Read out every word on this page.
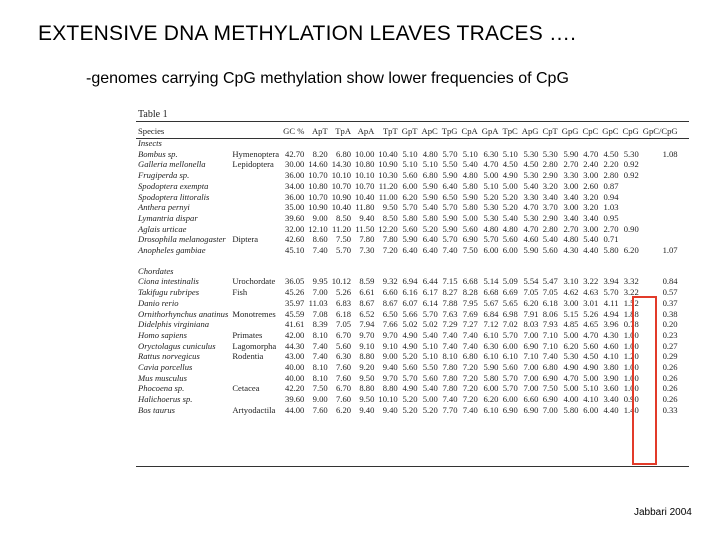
EXTENSIVE DNA METHYLATION LEAVES TRACES ….
-genomes carrying CpG methylation show lower frequencies of CpG
Table 1
Species		GC %	ApT	TpA	ApA	TpT	GpT	ApC	TpG	CpA	GpA	TpC	ApG	CpT	GpG	CpC	GpC	CpG	GpC/CpG
Insects																			
Bombus sp.	Hymenoptera	42.70	8.20	6.80	10.00	10.40	5.10	4.80	5.70	5.10	6.30	5.10	5.30	5.30	5.90	4.70	4.50	5.30	1.08
Galleria mellonella	Lepidoptera	30.00	14.60	14.30	10.80	10.90	5.10	5.10	5.50	5.40	4.70	4.50	4.50	2.80	2.70	2.40	2.20	0.92	
Frugiperda sp.		36.00	10.70	10.10	10.10	10.30	5.60	6.80	5.90	4.80	5.00	4.90	5.30	2.90	3.30	3.00	2.80	0.92	
Spodoptera exempta		34.00	10.80	10.70	10.70	11.20	6.00	5.90	6.40	5.80	5.10	5.00	5.40	3.20	3.00	2.60	0.87		
Spodoptera littoralis		36.00	10.70	10.90	10.40	11.00	6.20	5.90	6.50	5.90	5.20	5.20	3.30	3.40	3.40	3.20	0.94		
Anthera pernyi		35.00	10.90	10.40	11.80	9.50	5.70	5.40	5.70	5.80	5.30	5.20	4.70	3.70	3.00	3.20	1.03		
Lymantria dispar		39.60	9.00	8.50	9.40	8.50	5.80	5.80	5.90	5.00	5.30	5.40	5.30	2.90	3.40	3.40	0.95		
Aglais urticae		32.00	12.10	11.20	11.50	12.20	5.60	5.20	5.90	5.60	4.80	4.80	4.70	2.80	2.70	3.00	2.70	0.90	
Drosophila melanogaster	Diptera	42.60	8.60	7.50	7.80	7.80	5.90	6.40	5.70	6.90	5.70	5.60	4.60	5.40	4.80	5.40	0.71		
Anopheles gambiae		45.10	7.40	5.70	7.30	7.20	6.40	6.40	7.40	7.50	6.00	6.00	5.90	5.60	4.30	4.40	5.80	6.20	1.07

Chordates																			
Ciona intestinalis	Urochordate	36.05	9.95	10.12	8.59	9.32	6.94	6.44	7.15	6.68	5.14	5.09	5.54	5.47	3.10	3.22	3.94	3.32	0.84
Takifugu rubripes	Fish	45.26	7.00	5.26	6.61	6.60	6.16	6.17	8.27	8.28	6.68	6.69	7.05	7.05	4.62	4.63	5.70	3.22	0.57
Danio rerio		35.97	11.03	6.83	8.67	8.67	6.07	6.14	7.88	7.95	5.67	5.65	6.20	6.18	3.00	3.01	4.11	1.52	0.37
Ornithorhynchus anatinus	Monotremes	45.59	7.08	6.18	6.52	6.50	5.66	5.70	7.63	7.69	6.84	6.98	7.91	8.06	5.15	5.26	4.94	1.88	0.38
Didelphis virginiana		41.61	8.39	7.05	7.94	7.66	5.02	5.02	7.29	7.27	7.12	7.02	8.03	7.93	4.85	4.65	3.96	0.78	0.20
Homo sapiens	Primates	42.00	8.10	6.70	9.70	9.70	4.90	5.40	7.40	7.40	6.10	5.70	7.00	7.10	5.00	4.70	4.30	1.00	0.23
Oryctolagus cuniculus	Lagomorpha	44.30	7.40	5.60	9.10	9.10	4.90	5.10	7.40	7.40	6.30	6.00	6.90	7.10	6.20	5.60	4.60	1.00	0.27
Rattus norvegicus	Rodentia	43.00	7.40	6.30	8.80	9.00	5.20	5.10	8.10	6.80	6.10	6.10	7.10	7.40	5.30	4.50	4.10	1.20	0.29
Cavia porcellus		40.00	8.10	7.60	9.20	9.40	5.60	5.50	7.80	7.20	5.90	5.60	7.00	6.80	4.90	4.90	3.80	1.00	0.26
Mus musculus		40.00	8.10	7.60	9.50	9.70	5.70	5.60	7.80	7.20	5.80	5.70	7.00	6.90	4.70	5.00	3.90	1.00	0.26
Phocoena sp.	Cetacea	42.20	7.50	6.70	8.80	8.80	4.90	5.40	7.80	7.20	6.00	5.70	7.00	7.50	5.00	5.10	3.60	1.00	0.26
Halichoerus sp.		39.60	9.00	7.60	9.50	10.10	5.20	5.00	7.40	7.20	6.20	6.00	6.60	6.90	4.00	4.10	3.40	0.90	0.26
Bos taurus	Artyodactila	44.00	7.60	6.20	9.40	9.40	5.20	5.20	7.70	7.40	6.10	6.90	6.90	7.00	5.80	6.00	4.40	1.40	0.33
Jabbari 2004
